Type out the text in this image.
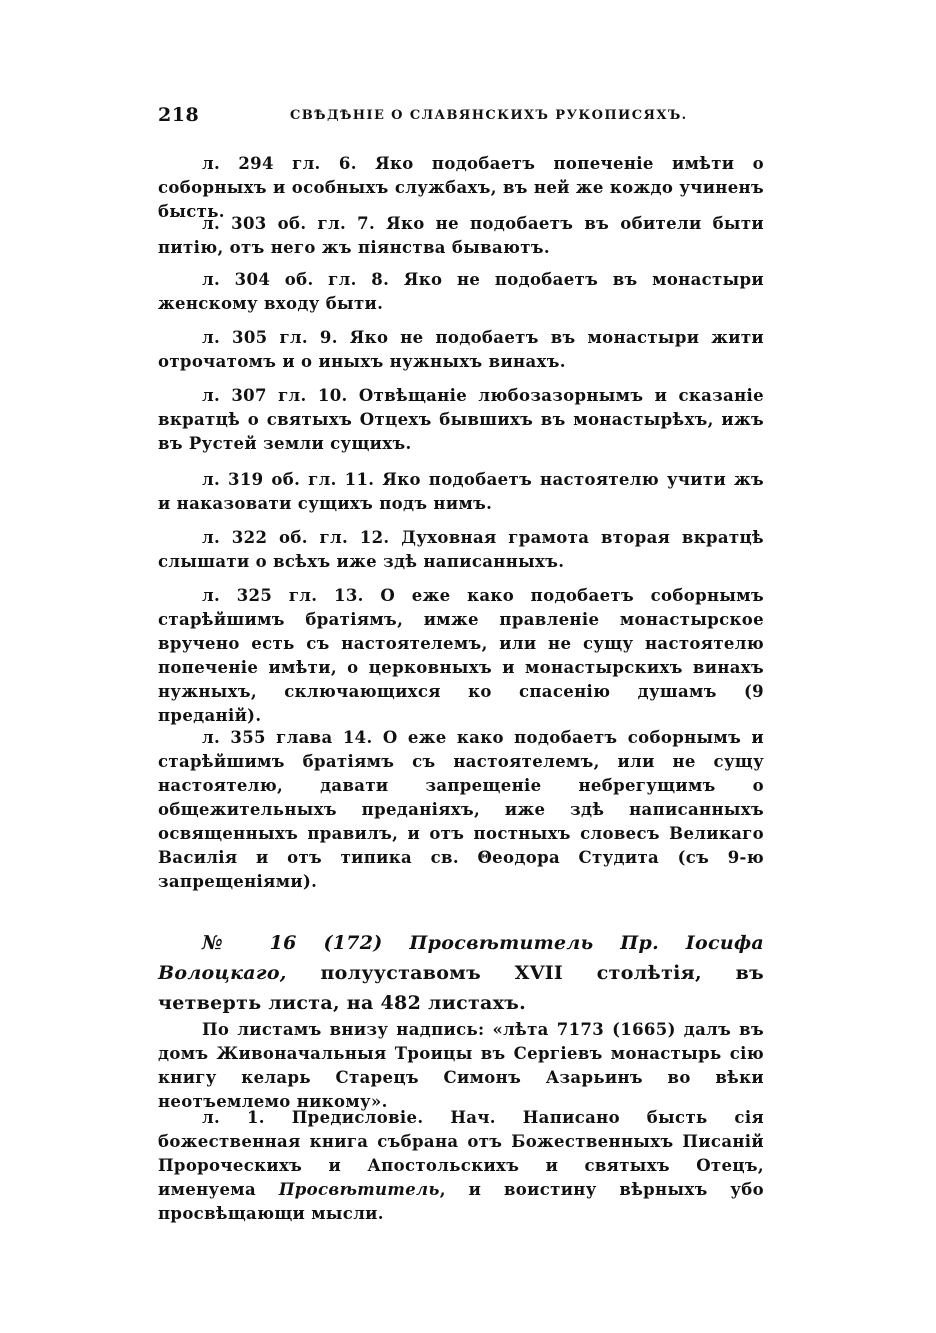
218	СВѢДѢНІЕ О СЛАВЯНСКИХЪ РУКОПИСЯХЪ.
л. 294 гл. 6. Яко подобаетъ попеченіе имѣти о соборныхъ и особныхъ службахъ, въ ней же кождо учиненъ бысть.
л. 303 об. гл. 7. Яко не подобаетъ въ обители быти питію, отъ него жъ піянства бываютъ.
л. 304 об. гл. 8. Яко не подобаетъ въ монастыри женскому входу быти.
л. 305 гл. 9. Яко не подобаетъ въ монастыри жити отрочатомъ и о иныхъ нужныхъ винахъ.
л. 307 гл. 10. Отвѣщаніе любозазорнымъ и сказаніе вкратцѣ о святыхъ Отцехъ бывшихъ въ монастырѣхъ, ижъ въ Рустей земли сущихъ.
л. 319 об. гл. 11. Яко подобаетъ настоятелю учити жъ и наказовати сущихъ подъ нимъ.
л. 322 об. гл. 12. Духовная грамота вторая вкратцѣ слышати о всѣхъ иже здѣ написанныхъ.
л. 325 гл. 13. О еже како подобаетъ соборнымъ старѣйшимъ братіямъ, имже правленіе монастырское вручено есть съ настоятелемъ, или не сущу настоятелю попеченіе имѣти, о церковныхъ и монастырскихъ винахъ нужныхъ, сключающихся ко спасенію душамъ (9 преданій).
л. 355 глава 14. О еже како подобаетъ соборнымъ и старѣйшимъ братіямъ съ настоятелемъ, или не сущу настоятелю, давати запрещеніе небрегущимъ о общежительныхъ преданіяхъ, иже здѣ написанныхъ освященныхъ правилъ, и отъ постныхъ словесъ Великаго Василія и отъ типика св. Θеодора Студита (съ 9-ю запрещеніями).
№ 16 (172) Просвѣтитель Пр. Іосифа Волоцкаго, полууставомъ XVII столѣтія, въ четверть листа, на 482 листахъ.
По листамъ внизу надпись: «лѣта 7173 (1665) далъ въ домъ Живоначальныя Троицы въ Сергіевъ монастырь сію книгу келарь Старецъ Симонъ Азарьинъ во вѣки неотъемлемо никому».
л. 1. Предисловіе. Нач. Написано бысть сія божественная книга събрана отъ Божественныхъ Писаній Пророческихъ и Апостольскихъ и святыхъ Отецъ, именуема Просвѣтитель, и воистину вѣрныхъ убо просвѣщающи мысли.
